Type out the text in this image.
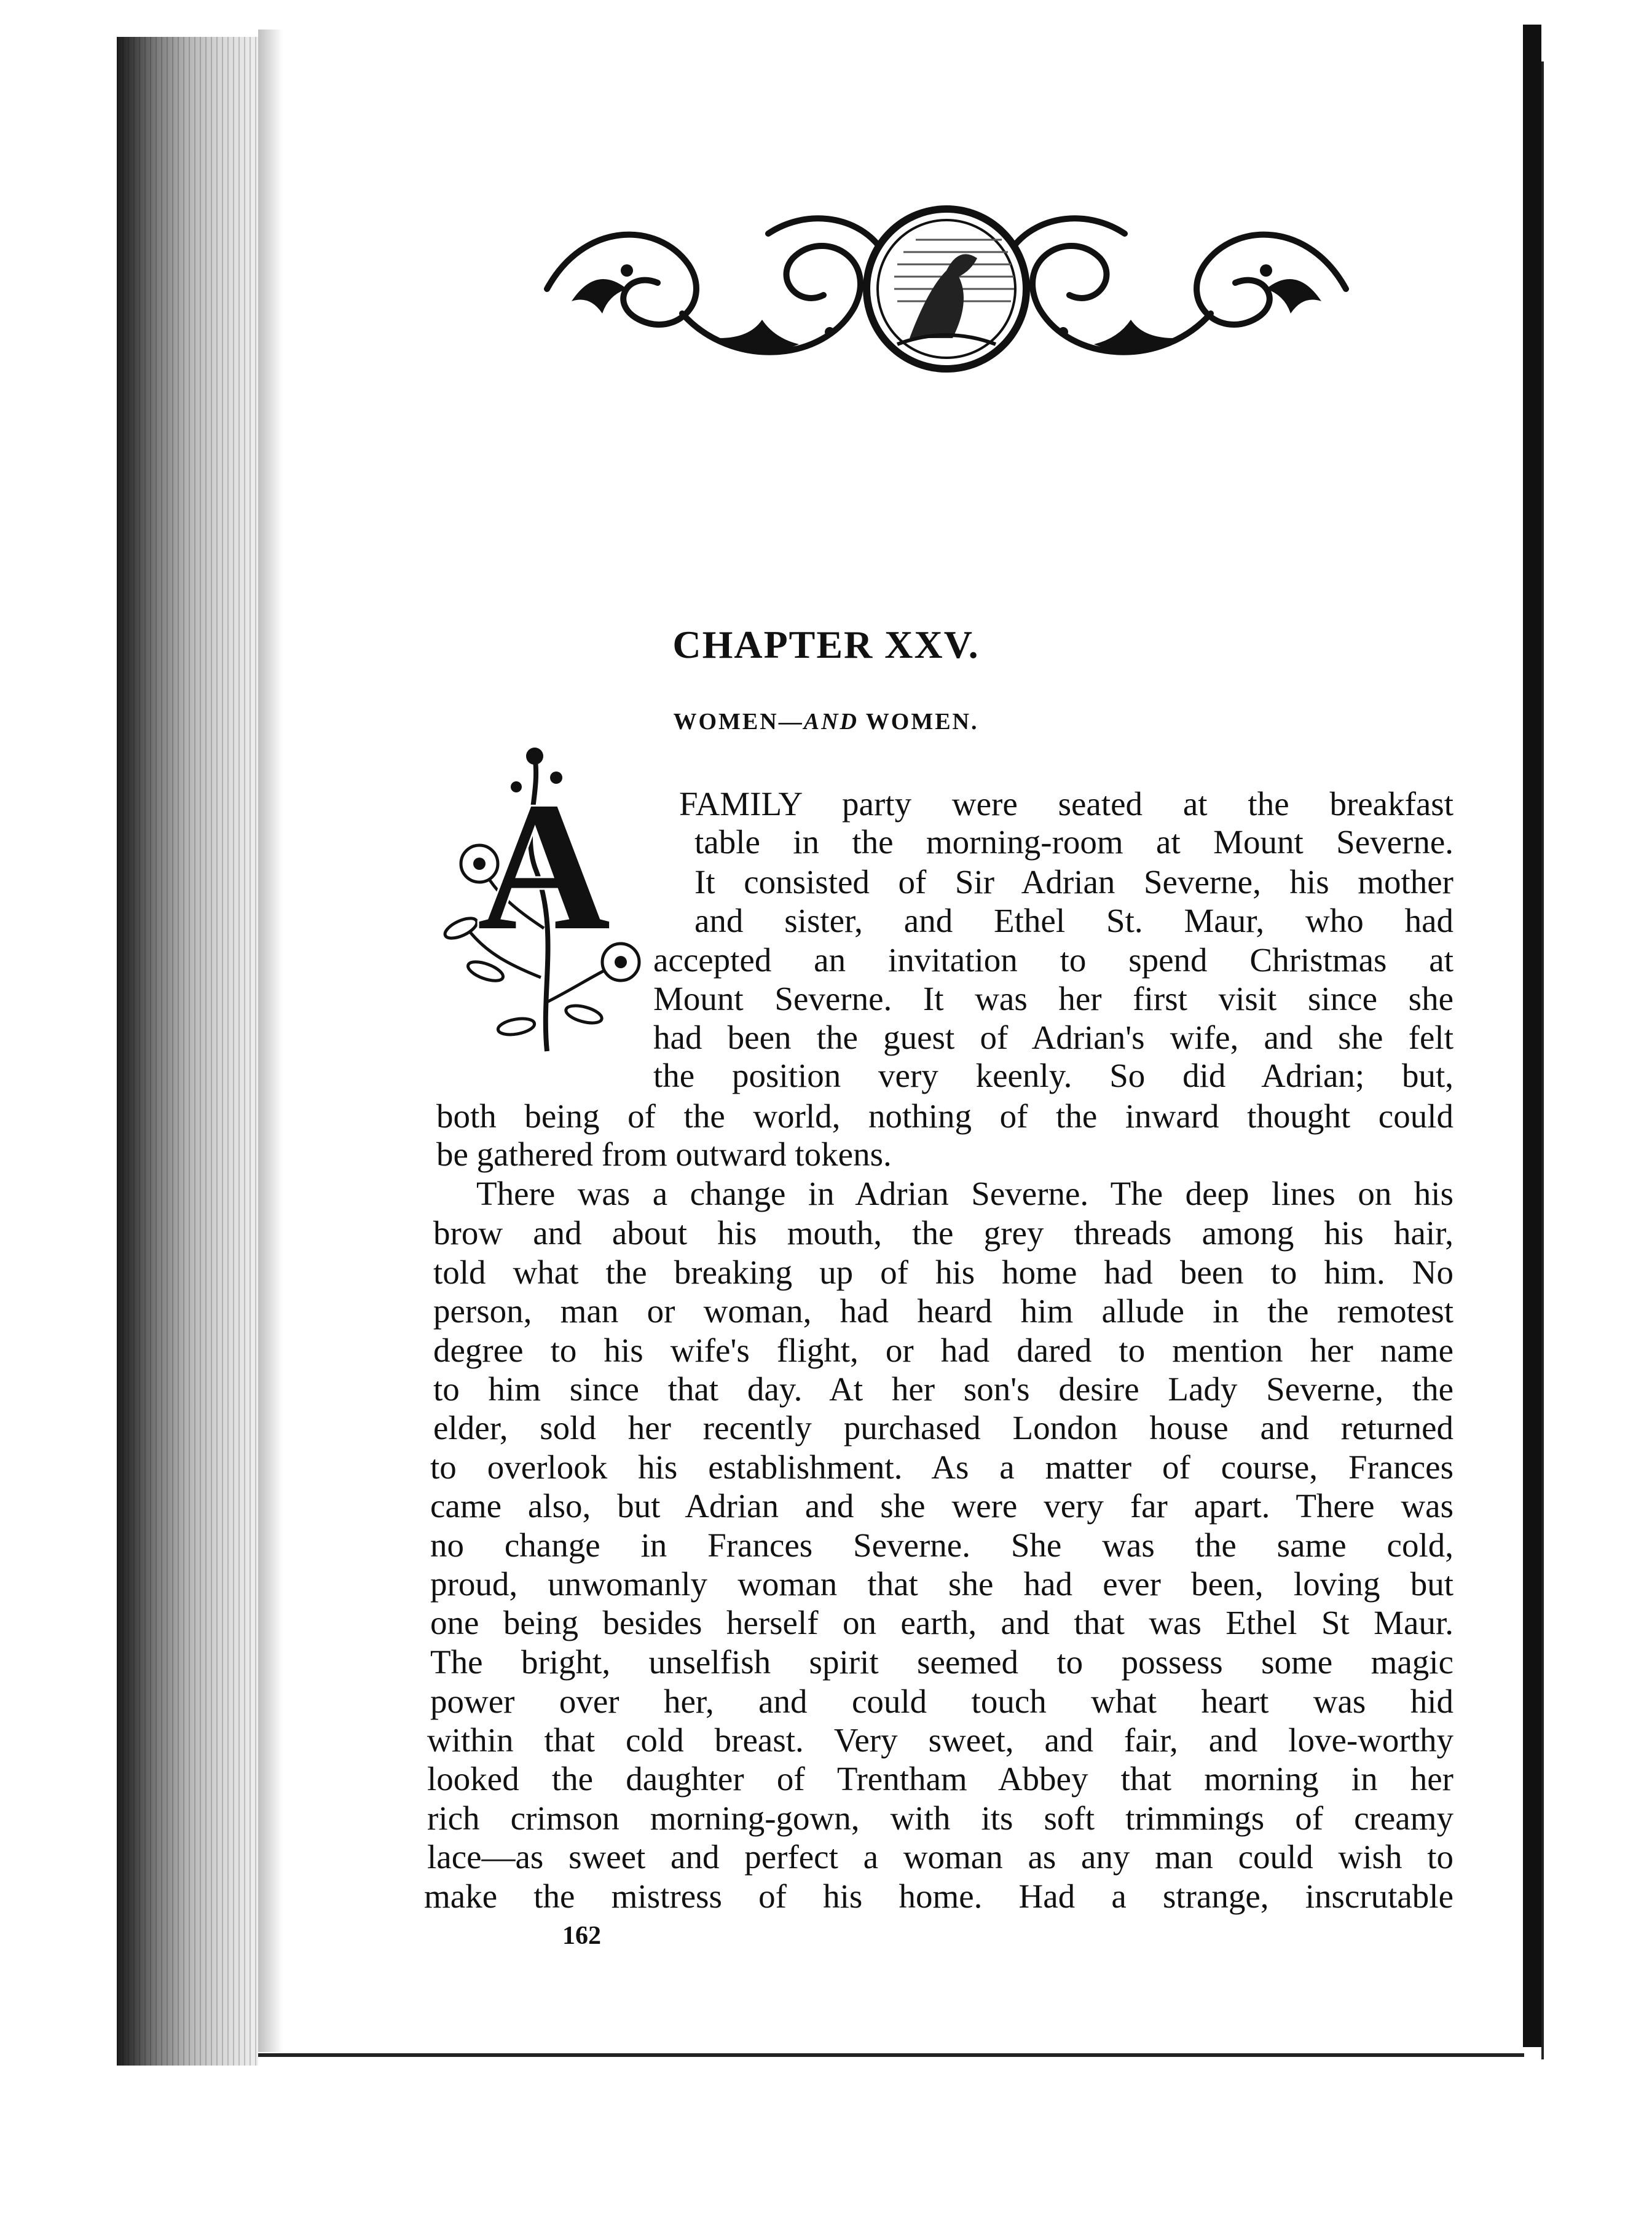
CHAPTER XXV.
WOMEN—AND WOMEN.
A FAMILY party were seated at the breakfast
table in the morning-room at Mount Severne.
It consisted of Sir Adrian Severne, his mother
and sister, and Ethel St. Maur, who had
accepted an invitation to spend Christmas at
Mount Severne. It was her first visit since she
had been the guest of Adrian's wife, and she felt
the position very keenly. So did Adrian; but,
both being of the world, nothing of the inward thought could
be gathered from outward tokens.
There was a change in Adrian Severne. The deep lines on his
brow and about his mouth, the grey threads among his hair,
told what the breaking up of his home had been to him. No
person, man or woman, had heard him allude in the remotest
degree to his wife's flight, or had dared to mention her name
to him since that day. At her son's desire Lady Severne, the
elder, sold her recently purchased London house and returned
to overlook his establishment. As a matter of course, Frances
came also, but Adrian and she were very far apart. There was
no change in Frances Severne. She was the same cold,
proud, unwomanly woman that she had ever been, loving but
one being besides herself on earth, and that was Ethel St Maur.
The bright, unselfish spirit seemed to possess some magic
power over her, and could touch what heart was hid
within that cold breast. Very sweet, and fair, and love-worthy
looked the daughter of Trentham Abbey that morning in her
rich crimson morning-gown, with its soft trimmings of creamy
lace—as sweet and perfect a woman as any man could wish to
make the mistress of his home. Had a strange, inscrutable
162
